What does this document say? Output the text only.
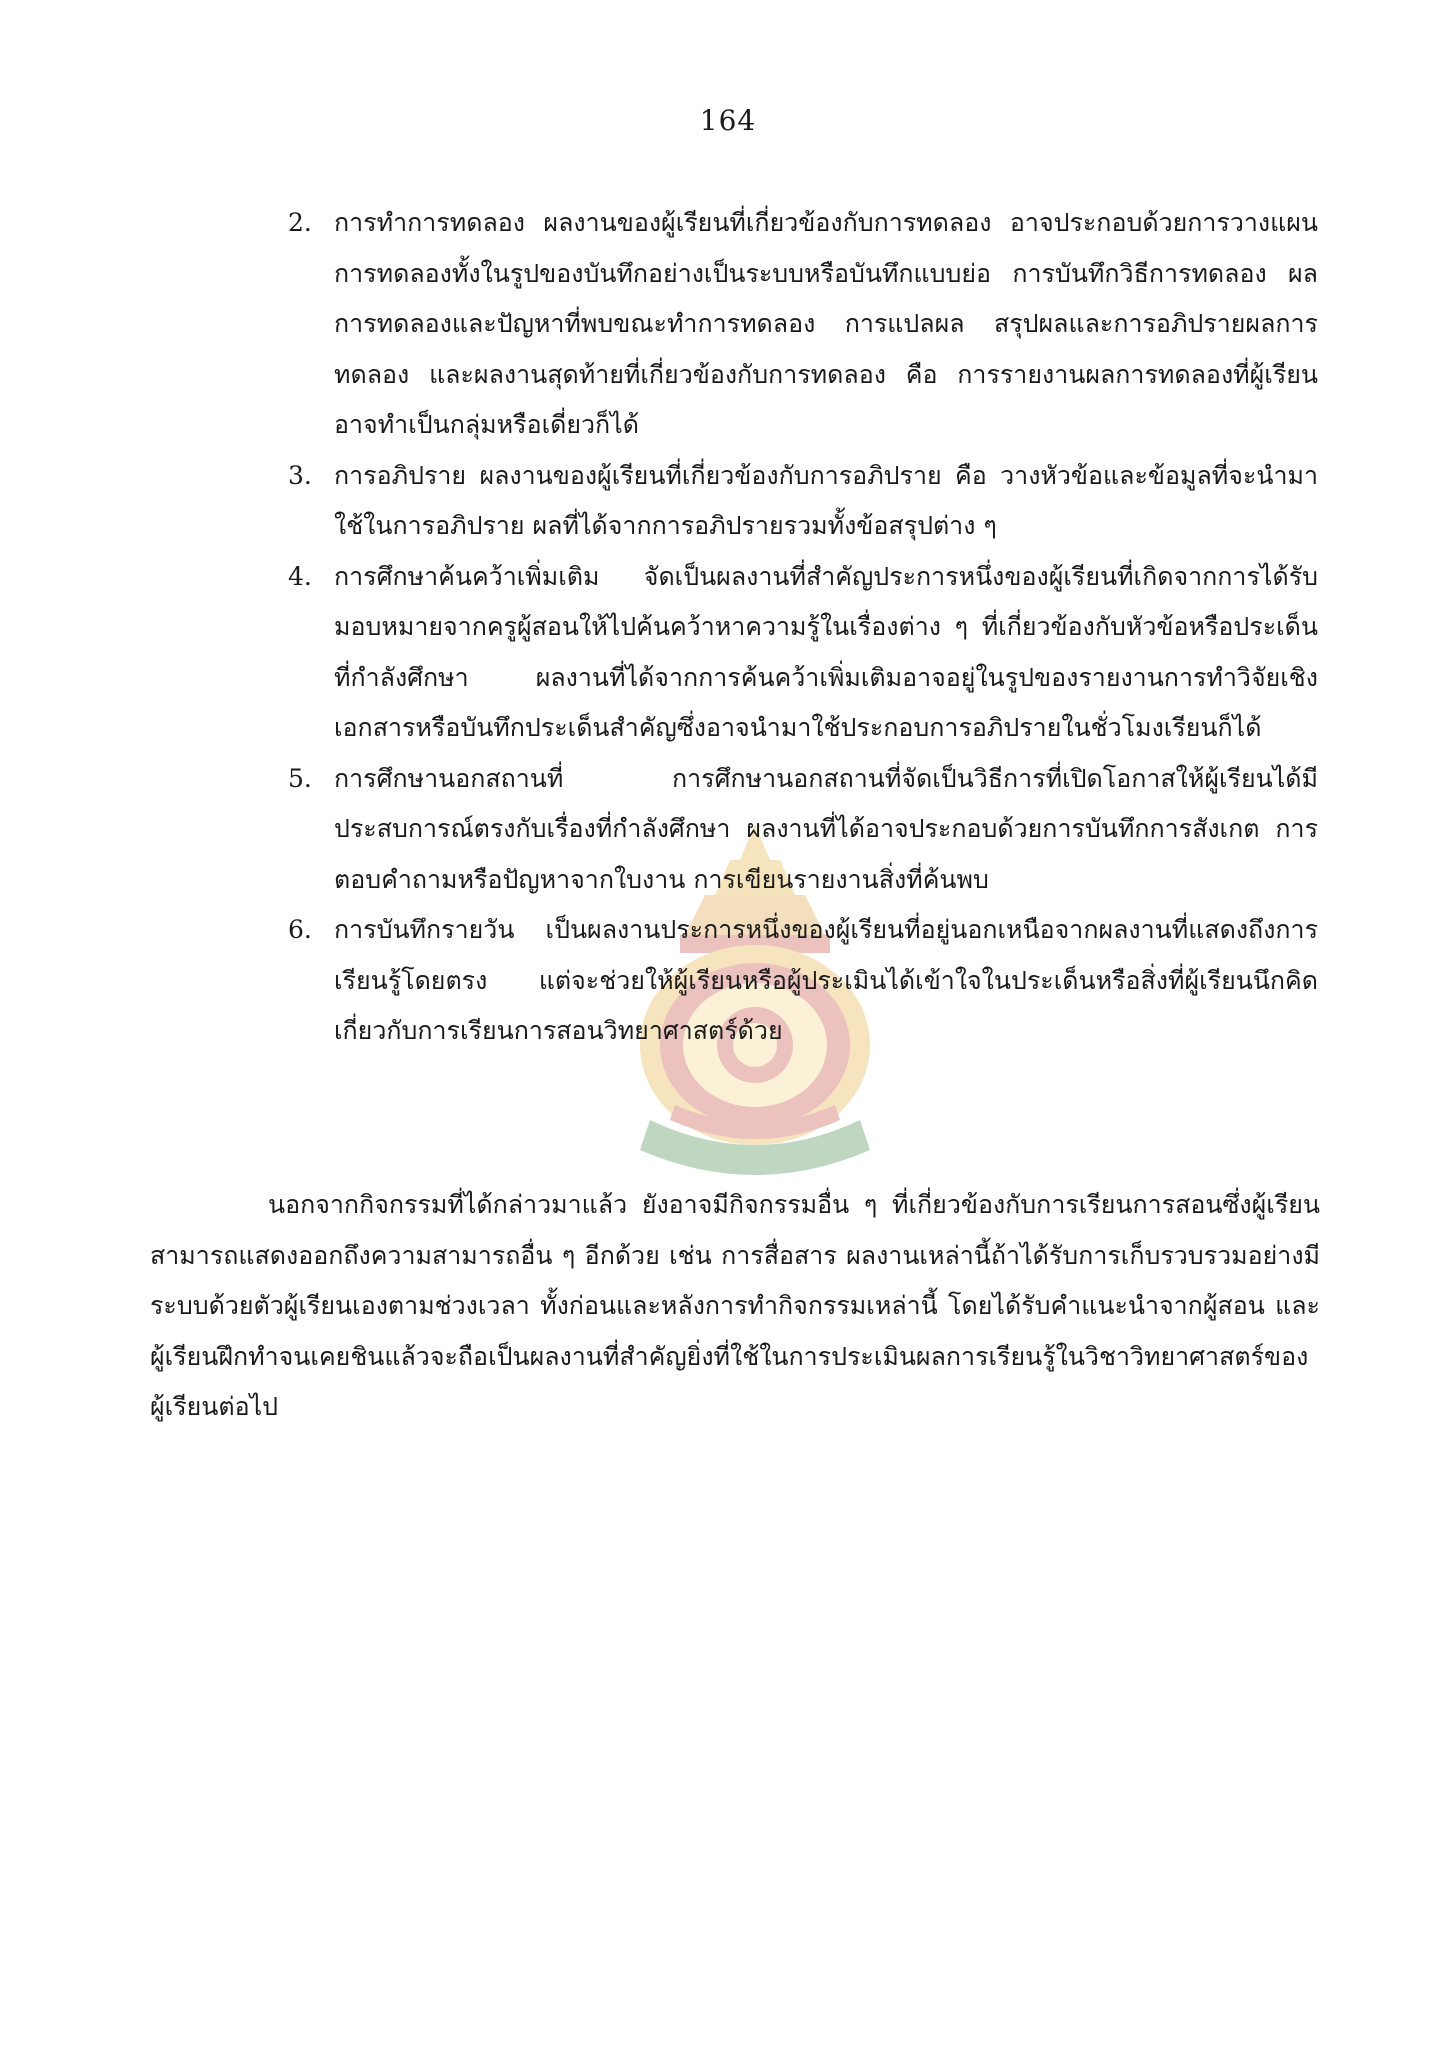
164
2. การทำการทดลอง ผลงานของผู้เรียนที่เกี่ยวข้องกับการทดลอง อาจประกอบด้วยการวางแผนการทดลองทั้งในรูปของบันทึกอย่างเป็นระบบหรือบันทึกแบบย่อ การบันทึกวิธีการทดลอง ผลการทดลองและปัญหาที่พบขณะทำการทดลอง การแปลผล สรุปผลและการอภิปรายผลการทดลอง และผลงานสุดท้ายที่เกี่ยวข้องกับการทดลอง คือ การรายงานผลการทดลองที่ผู้เรียนอาจทำเป็นกลุ่มหรือเดี่ยวก็ได้
3. การอภิปราย ผลงานของผู้เรียนที่เกี่ยวข้องกับการอภิปราย คือ วางหัวข้อและข้อมูลที่จะนำมาใช้ในการอภิปราย ผลที่ได้จากการอภิปรายรวมทั้งข้อสรุปต่าง ๆ
4. การศึกษาค้นคว้าเพิ่มเติม จัดเป็นผลงานที่สำคัญประการหนึ่งของผู้เรียนที่เกิดจากการได้รับมอบหมายจากครูผู้สอนให้ไปค้นคว้าหาความรู้ในเรื่องต่าง ๆ ที่เกี่ยวข้องกับหัวข้อหรือประเด็นที่กำลังศึกษา ผลงานที่ได้จากการค้นคว้าเพิ่มเติมอาจอยู่ในรูปของรายงานการทำวิจัยเชิงเอกสารหรือบันทึกประเด็นสำคัญซึ่งอาจนำมาใช้ประกอบการอภิปรายในชั่วโมงเรียนก็ได้
5. การศึกษานอกสถานที่ การศึกษานอกสถานที่จัดเป็นวิธีการที่เปิดโอกาสให้ผู้เรียนได้มีประสบการณ์ตรงกับเรื่องที่กำลังศึกษา ผลงานที่ได้อาจประกอบด้วยการบันทึกการสังเกต การตอบคำถามหรือปัญหาจากใบงาน การเขียนรายงานสิ่งที่ค้นพบ
6. การบันทึกรายวัน เป็นผลงานประการหนึ่งของผู้เรียนที่อยู่นอกเหนือจากผลงานที่แสดงถึงการเรียนรู้โดยตรง แต่จะช่วยให้ผู้เรียนหรือผู้ประเมินได้เข้าใจในประเด็นหรือสิ่งที่ผู้เรียนนึกคิดเกี่ยวกับการเรียนการสอนวิทยาศาสตร์ด้วย

นอกจากกิจกรรมที่ได้กล่าวมาแล้ว ยังอาจมีกิจกรรมอื่น ๆ ที่เกี่ยวข้องกับการเรียนการสอนซึ่งผู้เรียนสามารถแสดงออกถึงความสามารถอื่น ๆ อีกด้วย เช่น การสื่อสาร ผลงานเหล่านี้ถ้าได้รับการเก็บรวบรวมอย่างมีระบบด้วยตัวผู้เรียนเองตามช่วงเวลา ทั้งก่อนและหลังการทำกิจกรรมเหล่านี้ โดยได้รับคำแนะนำจากผู้สอน และผู้เรียนฝึกทำจนเคยชินแล้วจะถือเป็นผลงานที่สำคัญยิ่งที่ใช้ในการประเมินผลการเรียนรู้ในวิชาวิทยาศาสตร์ของผู้เรียนต่อไป
